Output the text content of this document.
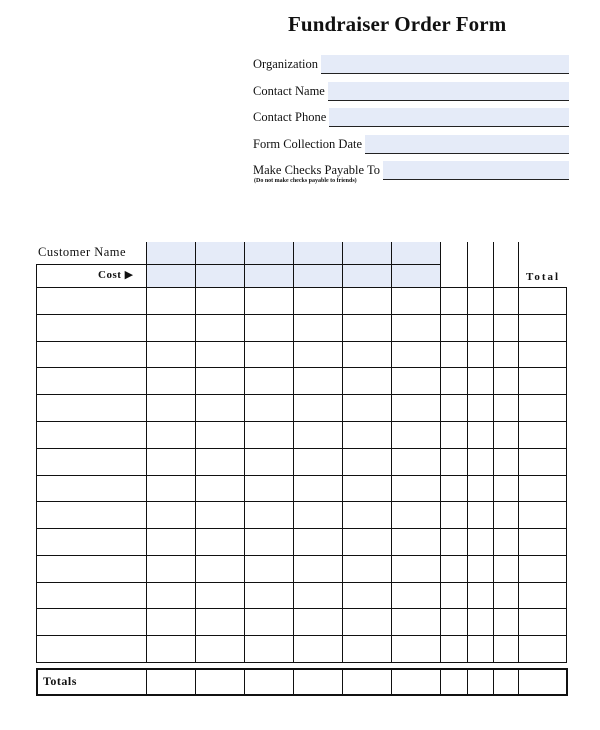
Fundraiser Order Form
Organization
Contact Name
Contact Phone
Form Collection Date
Make Checks Payable To
(Do not make checks payable to friends)
Customer Name
Cost ▶	Total
Totals
